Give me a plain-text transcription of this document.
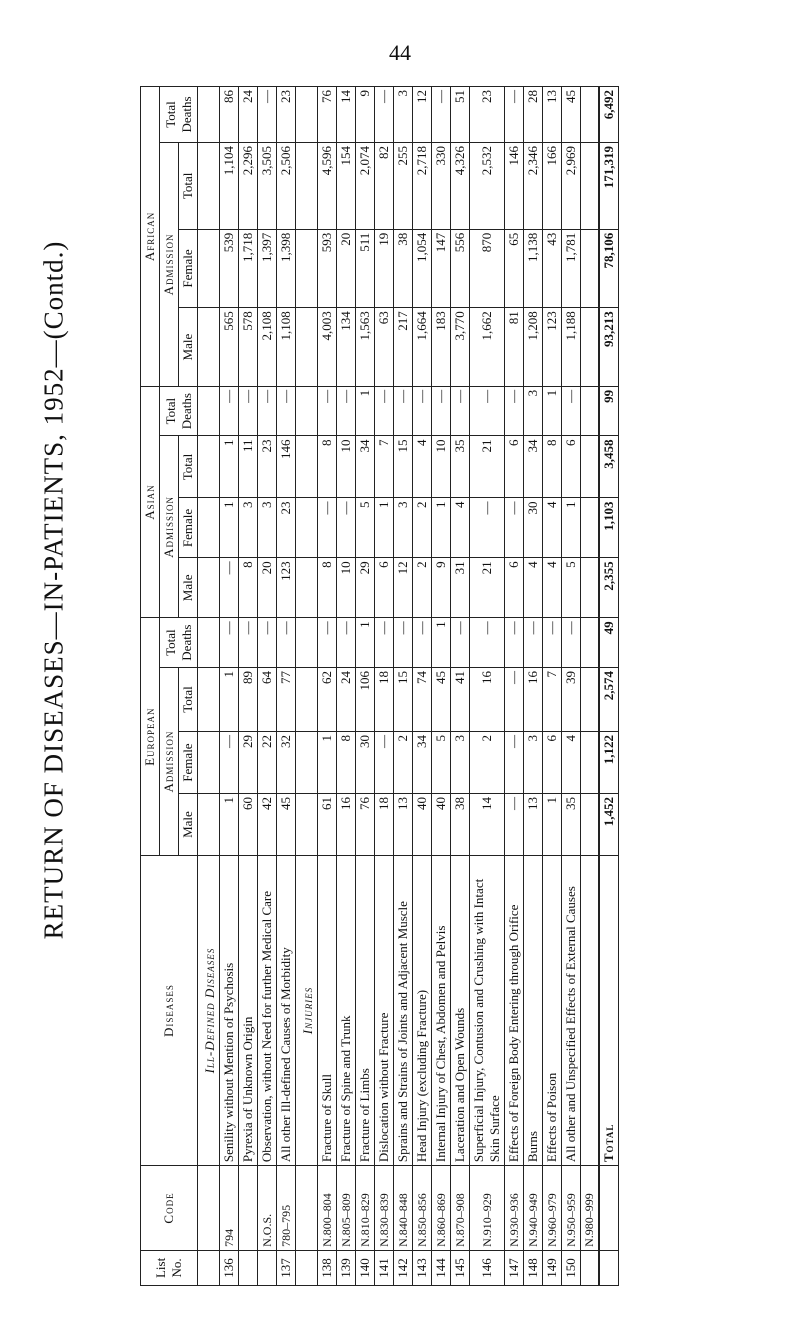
44
RETURN OF DISEASES—IN-PATIENTS, 1952—(Contd.)
List No.	Code	Diseases	European				Asian				African			
			Admission			Total Deaths	Admission			Total Deaths	Admission			Total Deaths
			Male	Female	Total		Male	Female	Total		Male	Female	Total	
		Ill-Defined Diseases												
136	794	Senility without Mention of Psychosis	1	—	1	—	—	1	1	—	565	539	1,104	86
		Pyrexia of Unknown Origin	60	29	89	—	8	3	11	—	578	1,718	2,296	24
	N.O.S.	Observation, without Need for further Medical Care	42	22	64	—	20	3	23	—	2,108	1,397	3,505	—
137	780–795	All other Ill-defined Causes of Morbidity	45	32	77	—	123	23	146	—	1,108	1,398	2,506	23
		Injuries												
138	N.800–804	Fracture of Skull	61	1	62	—	8	—	8	—	4,003	593	4,596	76
139	N.805–809	Fracture of Spine and Trunk	16	8	24	—	10	—	10	—	134	20	154	14
140	N.810–829	Fracture of Limbs	76	30	106	1	29	5	34	1	1,563	511	2,074	9
141	N.830–839	Dislocation without Fracture	18	—	18	—	6	1	7	—	63	19	82	—
142	N.840–848	Sprains and Strains of Joints and Adjacent Muscle	13	2	15	—	12	3	15	—	217	38	255	3
143	N.850–856	Head Injury (excluding Fracture)	40	34	74	—	2	2	4	—	1,664	1,054	2,718	12
144	N.860–869	Internal Injury of Chest, Abdomen and Pelvis	40	5	45	1	9	1	10	—	183	147	330	—
145	N.870–908	Laceration and Open Wounds	38	3	41	—	31	4	35	—	3,770	556	4,326	51
146	N.910–929	Superficial Injury, Contusion and Crushing with Intact Skin Surface	14	2	16	—	21	—	21	—	1,662	870	2,532	23
147	N.930–936	Effects of Foreign Body Entering through Orifice	—	—	—	—	6	—	6	—	81	65	146	—
148	N.940–949	Burns	13	3	16	—	4	30	34	3	1,208	1,138	2,346	28
149	N.960–979	Effects of Poison	1	6	7	—	4	4	8	1	123	43	166	13
150	N.950–959	All other and Unspecified Effects of External Causes	35	4	39	—	5	1	6	—	1,188	1,781	2,969	45
	N.980–999													
		Total	1,452	1,122	2,574	49	2,355	1,103	3,458	99	93,213	78,106	171,319	6,492
